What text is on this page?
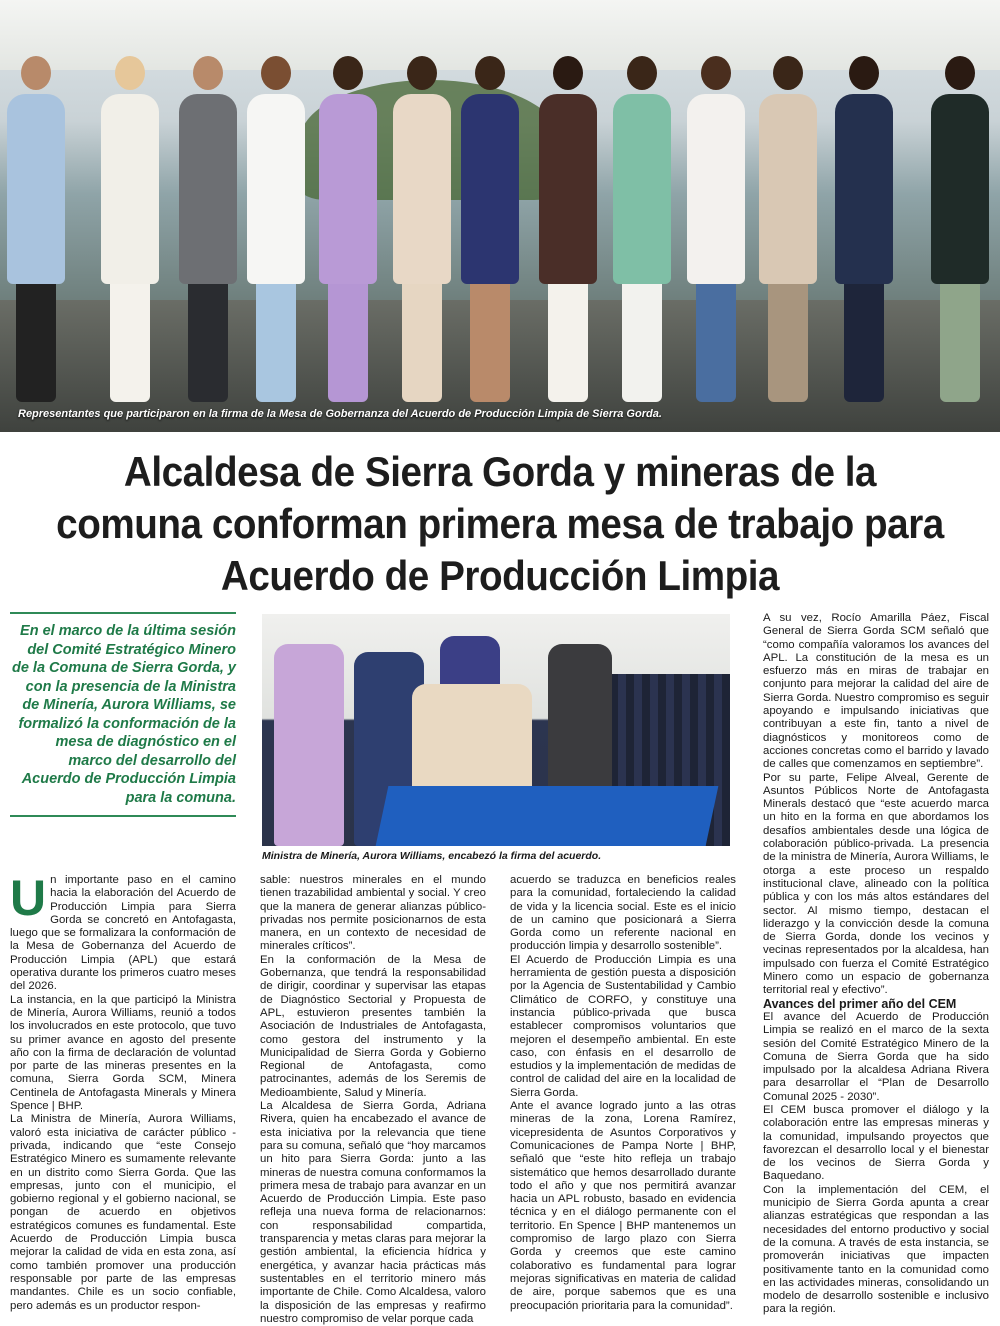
Representantes que participaron en la firma de la Mesa de Gobernanza del Acuerdo de Producción Limpia de Sierra Gorda.
Alcaldesa de Sierra Gorda y mineras de la comuna conforman primera mesa de trabajo para Acuerdo de Producción Limpia
En el marco de la última sesión del Comité Estratégico Minero de la Comuna de Sierra Gorda, y con la presencia de la Ministra de Minería, Aurora Williams, se formalizó la conformación de la mesa de diagnóstico en el marco del desarrollo del Acuerdo de Producción Limpia para la comuna.
Ministra de Minería, Aurora Williams, encabezó la firma del acuerdo.

Un importante paso en el camino hacia la elaboración del Acuerdo de Producción Limpia para Sierra Gorda se concretó en Antofagasta, luego que se formalizara la conformación de la Mesa de Gobernanza del Acuerdo de Producción Limpia (APL) que estará operativa durante los primeros cuatro meses del 2026.

La instancia, en la que participó la Ministra de Minería, Aurora Williams, reunió a todos los involucrados en este protocolo, que tuvo su primer avance en agosto del presente año con la firma de declaración de voluntad por parte de las mineras presentes en la comuna, Sierra Gorda SCM, Minera Centinela de Antofagasta Minerals y Minera Spence | BHP.

La Ministra de Minería, Aurora Williams, valoró esta iniciativa de carácter público - privada, indicando que “este Consejo Estratégico Minero es sumamente relevante en un distrito como Sierra Gorda. Que las empresas, junto con el municipio, el gobierno regional y el gobierno nacional, se pongan de acuerdo en objetivos estratégicos comunes es fundamental. Este Acuerdo de Producción Limpia busca mejorar la calidad de vida en esta zona, así como también promover una producción responsable por parte de las empresas mandantes. Chile es un socio confiable, pero además es un productor respon-

sable: nuestros minerales en el mundo tienen trazabilidad ambiental y social. Y creo que la manera de generar alianzas público-privadas nos permite posicionarnos de esta manera, en un contexto de necesidad de minerales críticos”.

En la conformación de la Mesa de Gobernanza, que tendrá la responsabilidad de dirigir, coordinar y supervisar las etapas de Diagnóstico Sectorial y Propuesta de APL, estuvieron presentes también la Asociación de Industriales de Antofagasta, como gestora del instrumento y la Municipalidad de Sierra Gorda y Gobierno Regional de Antofagasta, como patrocinantes, además de los Seremis de Medioambiente, Salud y Minería.

La Alcaldesa de Sierra Gorda, Adriana Rivera, quien ha encabezado el avance de esta iniciativa por la relevancia que tiene para su comuna, señaló que “hoy marcamos un hito para Sierra Gorda: junto a las mineras de nuestra comuna conformamos la primera mesa de trabajo para avanzar en un Acuerdo de Producción Limpia. Este paso refleja una nueva forma de relacionarnos: con responsabilidad compartida, transparencia y metas claras para mejorar la gestión ambiental, la eficiencia hídrica y energética, y avanzar hacia prácticas más sustentables en el territorio minero más importante de Chile. Como Alcaldesa, valoro la disposición de las empresas y reafirmo nuestro compromiso de velar porque cada

acuerdo se traduzca en beneficios reales para la comunidad, fortaleciendo la calidad de vida y la licencia social. Este es el inicio de un camino que posicionará a Sierra Gorda como un referente nacional en producción limpia y desarrollo sostenible”.

El Acuerdo de Producción Limpia es una herramienta de gestión puesta a disposición por la Agencia de Sustentabilidad y Cambio Climático de CORFO, y constituye una instancia público-privada que busca establecer compromisos voluntarios que mejoren el desempeño ambiental. En este caso, con énfasis en el desarrollo de estudios y la implementación de medidas de control de calidad del aire en la localidad de Sierra Gorda.

Ante el avance logrado junto a las otras mineras de la zona, Lorena Ramírez, vicepresidenta de Asuntos Corporativos y Comunicaciones de Pampa Norte | BHP, señaló que “este hito refleja un trabajo sistemático que hemos desarrollado durante todo el año y que nos permitirá avanzar hacia un APL robusto, basado en evidencia técnica y en el diálogo permanente con el territorio. En Spence | BHP mantenemos un compromiso de largo plazo con Sierra Gorda y creemos que este camino colaborativo es fundamental para lograr mejoras significativas en materia de calidad de aire, porque sabemos que es una preocupación prioritaria para la comunidad”.

A su vez, Rocío Amarilla Páez, Fiscal General de Sierra Gorda SCM señaló que “como compañía valoramos los avances del APL. La constitución de la mesa es un esfuerzo más en miras de trabajar en conjunto para mejorar la calidad del aire de Sierra Gorda. Nuestro compromiso es seguir apoyando e impulsando iniciativas que contribuyan a este fin, tanto a nivel de diagnósticos y monitoreos como de acciones concretas como el barrido y lavado de calles que comenzamos en septiembre”.

Por su parte, Felipe Alveal, Gerente de Asuntos Públicos Norte de Antofagasta Minerals destacó que “este acuerdo marca un hito en la forma en que abordamos los desafíos ambientales desde una lógica de colaboración público-privada. La presencia de la ministra de Minería, Aurora Williams, le otorga a este proceso un respaldo institucional clave, alineado con la política pública y con los más altos estándares del sector. Al mismo tiempo, destacan el liderazgo y la convicción desde la comuna de Sierra Gorda, donde los vecinos y vecinas representados por la alcaldesa, han impulsado con fuerza el Comité Estratégico Minero como un espacio de gobernanza territorial real y efectivo”.

Avances del primer año del CEM

El avance del Acuerdo de Producción Limpia se realizó en el marco de la sexta sesión del Comité Estratégico Minero de la Comuna de Sierra Gorda que ha sido impulsado por la alcaldesa Adriana Rivera para desarrollar el “Plan de Desarrollo Comunal 2025 - 2030”.

El CEM busca promover el diálogo y la colaboración entre las empresas mineras y la comunidad, impulsando proyectos que favorezcan el desarrollo local y el bienestar de los vecinos de Sierra Gorda y Baquedano.

Con la implementación del CEM, el municipio de Sierra Gorda apunta a crear alianzas estratégicas que respondan a las necesidades del entorno productivo y social de la comuna. A través de esta instancia, se promoverán iniciativas que impacten positivamente tanto en la comunidad como en las actividades mineras, consolidando un modelo de desarrollo sostenible e inclusivo para la región.
